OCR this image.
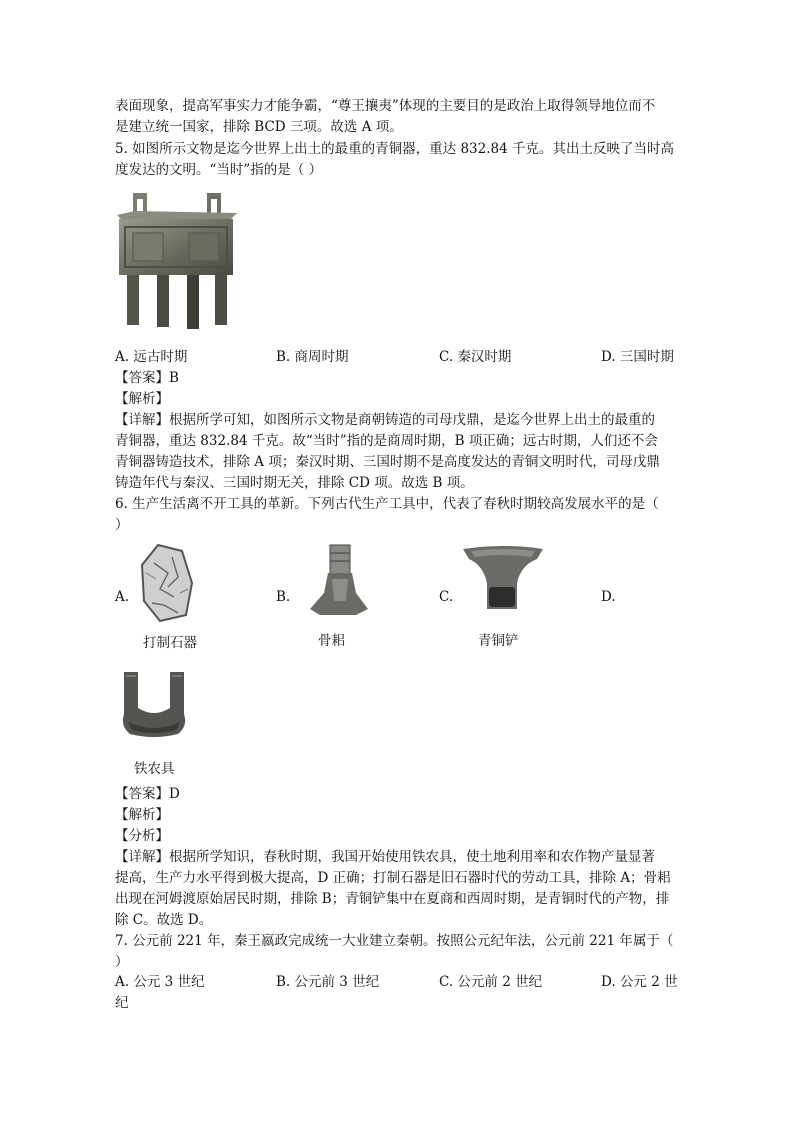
表面现象，提高军事实力才能争霸，“尊王攘夷”体现的主要目的是政治上取得领导地位而不
是建立统一国家，排除 BCD 三项。故选 A 项。
5. 如图所示文物是迄今世界上出土的最重的青铜器，重达 832.84 千克。其出土反映了当时高
度发达的文明。“当时”指的是（ ）
A. 远古时期	B. 商周时期	C. 秦汉时期	D. 三国时期
【答案】B
【解析】
【详解】根据所学可知，如图所示文物是商朝铸造的司母戊鼎，是迄今世界上出土的最重的
青铜器，重达 832.84 千克。故“当时”指的是商周时期，B 项正确；远古时期，人们还不会
青铜器铸造技术，排除 A 项；秦汉时期、三国时期不是高度发达的青铜文明时代，司母戊鼎
铸造年代与秦汉、三国时期无关，排除 CD 项。故选 B 项。
6. 生产生活离不开工具的革新。下列古代生产工具中，代表了春秋时期较高发展水平的是（
）
A.	B.	C.	D.
打制石器	骨耜	青铜铲
铁农具
【答案】D
【解析】
【分析】
【详解】根据所学知识，春秋时期，我国开始使用铁农具，使土地利用率和农作物产量显著
提高，生产力水平得到极大提高，D 正确；打制石器是旧石器时代的劳动工具，排除 A；骨耜
出现在河姆渡原始居民时期，排除 B；青铜铲集中在夏商和西周时期，是青铜时代的产物，排
除 C。故选 D。
7. 公元前 221 年，秦王嬴政完成统一大业建立秦朝。按照公元纪年法，公元前 221 年属于（
）
A. 公元 3 世纪	B. 公元前 3 世纪	C. 公元前 2 世纪	D. 公元 2 世
纪
